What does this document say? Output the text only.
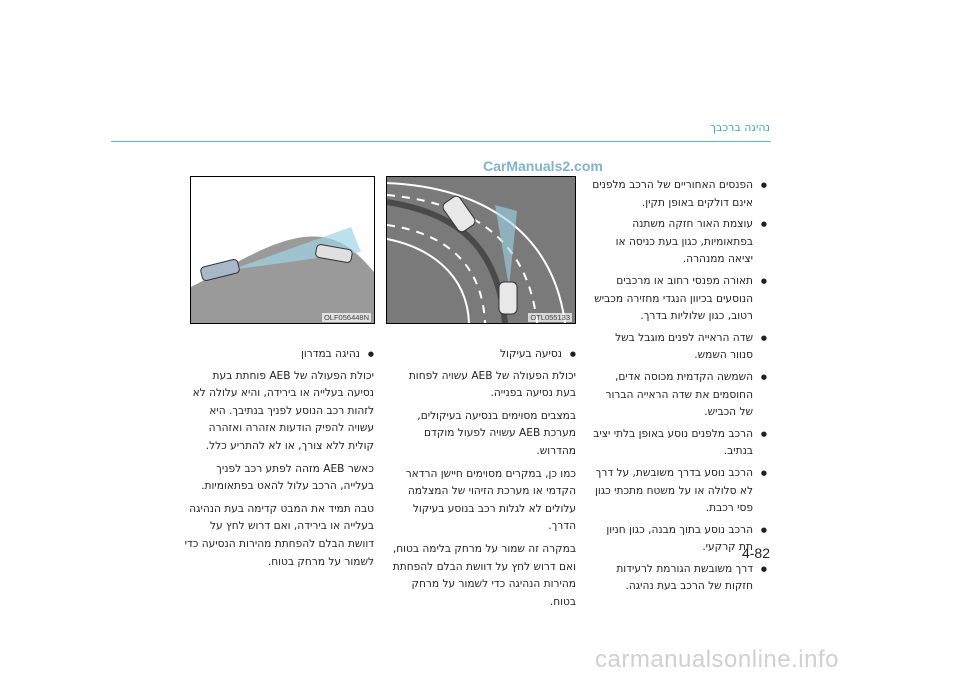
נהיגה ברכבך
CarManuals2.com
● הפנסים האחוריים של הרכב מלפנים אינם דולקים באופן תקין.
● עוצמת האור חזקה משתנה בפתאומיות, כגון בעת כניסה או יציאה ממנהרה.
● תאורה מפנסי רחוב או מרכבים הנוסעים בכיוון הנגדי מחזירה מכביש רטוב, כגון שלוליות בדרך.
● שדה הראייה לפנים מוגבל בשל סנוור השמש.
● השמשה הקדמית מכוסה אדים, החוסמים את שדה הראייה הברור של הכביש.
● הרכב מלפנים נוסע באופן בלתי יציב בנתיב.
● הרכב נוסע בדרך משובשת, על דרך לא סלולה או על משטח מתכתי כגון פסי רכבת.
● הרכב נוסע בתוך מבנה, כגון חניון תת קרקעי.
● דרך משובשת הגורמת לרעידות חזקות של הרכב בעת נהיגה.
4-82
OTL055133
OLF056448N
● נסיעה בעיקול
יכולת הפעולה של AEB עשויה לפחות בעת נסיעה בפנייה.
במצבים מסוימים בנסיעה בעיקולים, מערכת AEB עשויה לפעול מוקדם מהדרוש.
כמו כן, במקרים מסוימים חיישן הרדאר הקדמי או מערכת הזיהוי של המצלמה עלולים לא לגלות רכב בנוסע בעיקול הדרך.
במקרה זה שמור על מרחק בלימה בטוח, ואם דרוש לחץ על דוושת הבלם להפחתת מהירות הנהיגה כדי לשמור על מרחק בטוח.
● נהיגה במדרון
יכולת הפעולה של AEB פוחתת בעת נסיעה בעלייה או בירידה, והיא עלולה לא לזהות רכב הנוסע לפניך בנתיבך. היא עשויה להפיק הודעות אזהרה ואזהרה קולית ללא צורך, או לא להתריע כלל.
כאשר AEB מזהה לפתע רכב לפניך בעלייה, הרכב עלול להאט בפתאומיות.
טבה תמיד את המבט קדימה בעת הנהיגה בעלייה או בירידה, ואם דרוש לחץ על דוושת הבלם להפחתת מהירות הנסיעה כדי לשמור על מרחק בטוח.
carmanualsonline.info
